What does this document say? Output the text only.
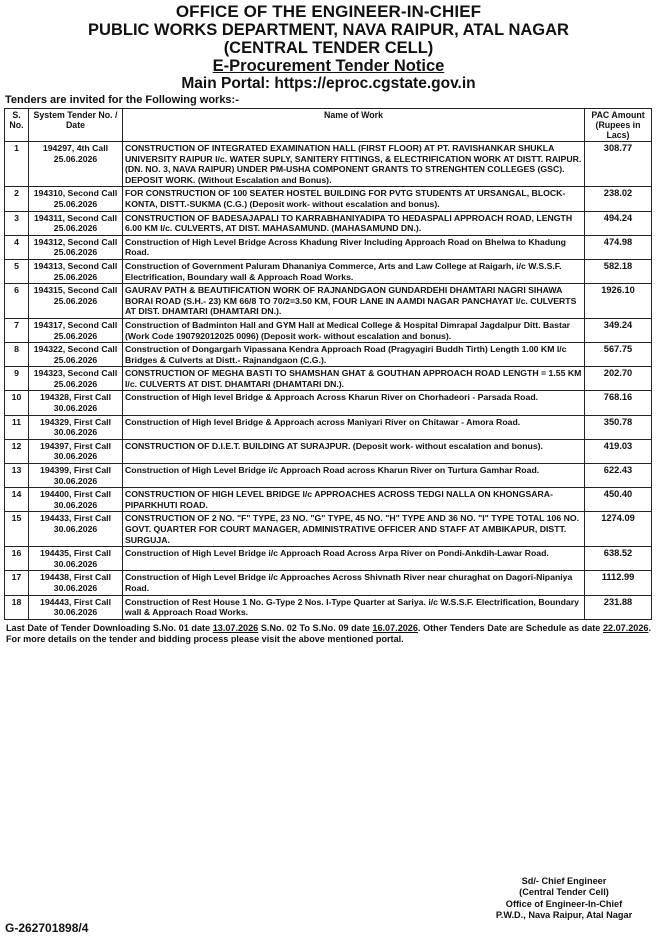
OFFICE OF THE ENGINEER-IN-CHIEF
PUBLIC WORKS DEPARTMENT, NAVA RAIPUR, ATAL NAGAR
(CENTRAL TENDER CELL)
E-Procurement Tender Notice
Main Portal: https://eproc.cgstate.gov.in
Tenders are invited for the Following works:-
S. No.	System Tender No. / Date	Name of Work	PAC Amount (Rupees in Lacs)
1	194297, 4th Call 25.06.2026	CONSTRUCTION OF INTEGRATED EXAMINATION HALL (FIRST FLOOR) AT PT. RAVISHANKAR SHUKLA UNIVERSITY RAIPUR I/c. WATER SUPLY, SANITERY FITTINGS, & ELECTRIFICATION WORK AT DISTT. RAIPUR. (DN. NO. 3, NAVA RAIPUR) UNDER PM-USHA COMPONENT GRANTS TO STRENGHTEN COLLEGES (GSC). DEPOSIT WORK. (Without Escalation and Bonus).	308.77
2	194310, Second Call 25.06.2026	FOR CONSTRUCTION OF 100 SEATER HOSTEL BUILDING FOR PVTG STUDENTS AT URSANGAL, BLOCK-KONTA, DISTT.-SUKMA (C.G.) (Deposit work- without escalation and bonus).	238.02
3	194311, Second Call 25.06.2026	CONSTRUCTION OF BADESAJAPALI TO KARRABHANIYADIPA TO HEDASPALI APPROACH ROAD, LENGTH 6.00 KM I/c. CULVERTS, AT DIST. MAHASAMUND. (MAHASAMUND DN.).	494.24
4	194312, Second Call 25.06.2026	Construction of High Level Bridge Across Khadung River Including Approach Road on Bhelwa to Khadung Road.	474.98
5	194313, Second Call 25.06.2026	Construction of Government Paluram Dhananiya Commerce, Arts and Law College at Raigarh, i/c W.S.S.F. Electrification, Boundary wall & Approach Road Works.	582.18
6	194315, Second Call 25.06.2026	GAURAV PATH & BEAUTIFICATION WORK OF RAJNANDGAON GUNDARDEHI DHAMTARI NAGRI SIHAWA BORAI ROAD (S.H.- 23) KM 66/8 TO 70/2=3.50 KM, FOUR LANE IN AAMDI NAGAR PANCHAYAT I/c. CULVERTS AT DIST. DHAMTARI (DHAMTARI DN.).	1926.10
7	194317, Second Call 25.06.2026	Construction of Badminton Hall and GYM Hall at Medical College & Hospital Dimrapal Jagdalpur Ditt. Bastar (Work Code 190792012025 0096) (Deposit work- without escalation and bonus).	349.24
8	194322, Second Call 25.06.2026	Construction of Dongargarh Vipassana Kendra Approach Road (Pragyagiri Buddh Tirth) Length 1.00 KM I/c Bridges & Culverts at Distt.- Rajnandgaon (C.G.).	567.75
9	194323, Second Call 25.06.2026	CONSTRUCTION OF MEGHA BASTI TO SHAMSHAN GHAT & GOUTHAN APPROACH ROAD LENGTH = 1.55 KM I/c. CULVERTS AT DIST. DHAMTARI (DHAMTARI DN.).	202.70
10	194328, First Call 30.06.2026	Construction of High level Bridge & Approach Across Kharun River on Chorhadeori - Parsada Road.	768.16
11	194329, First Call 30.06.2026	Construction of High level Bridge & Approach across Maniyari River on Chitawar - Amora Road.	350.78
12	194397, First Call 30.06.2026	CONSTRUCTION OF D.I.E.T. BUILDING AT SURAJPUR. (Deposit work- without escalation and bonus).	419.03
13	194399, First Call 30.06.2026	Construction of High Level Bridge i/c Approach Road across Kharun River on Turtura Gamhar Road.	622.43
14	194400, First Call 30.06.2026	CONSTRUCTION OF HIGH LEVEL BRIDGE I/c APPROACHES ACROSS TEDGI NALLA ON KHONGSARA-PIPARKHUTI ROAD.	450.40
15	194433, First Call 30.06.2026	CONSTRUCTION OF 2 NO. "F" TYPE, 23 NO. "G" TYPE, 45 NO. "H" TYPE AND 36 NO. "I" TYPE TOTAL 106 NO. GOVT. QUARTER FOR COURT MANAGER, ADMINISTRATIVE OFFICER AND STAFF AT AMBIKAPUR, DISTT. SURGUJA.	1274.09
16	194435, First Call 30.06.2026	Construction of High Level Bridge i/c Approach Road Across Arpa River on Pondi-Ankdih-Lawar Road.	638.52
17	194438, First Call 30.06.2026	Construction of High Level Bridge i/c Approaches Across Shivnath River near churaghat on Dagori-Nipaniya Road.	1112.99
18	194443, First Call 30.06.2026	Construction of Rest House 1 No. G-Type 2 Nos. I-Type Quarter at Sariya. i/c W.S.S.F. Electrification, Boundary wall & Approach Road Works.	231.88
Last Date of Tender Downloading S.No. 01 date 13.07.2026 S.No. 02 To S.No. 09 date 16.07.2026. Other Tenders Date are Schedule as date 22.07.2026. For more details on the tender and bidding process please visit the above mentioned portal.
Sd/- Chief Engineer
(Central Tender Cell)
Office of Engineer-In-Chief
P.W.D., Nava Raipur, Atal Nagar
G-262701898/4
